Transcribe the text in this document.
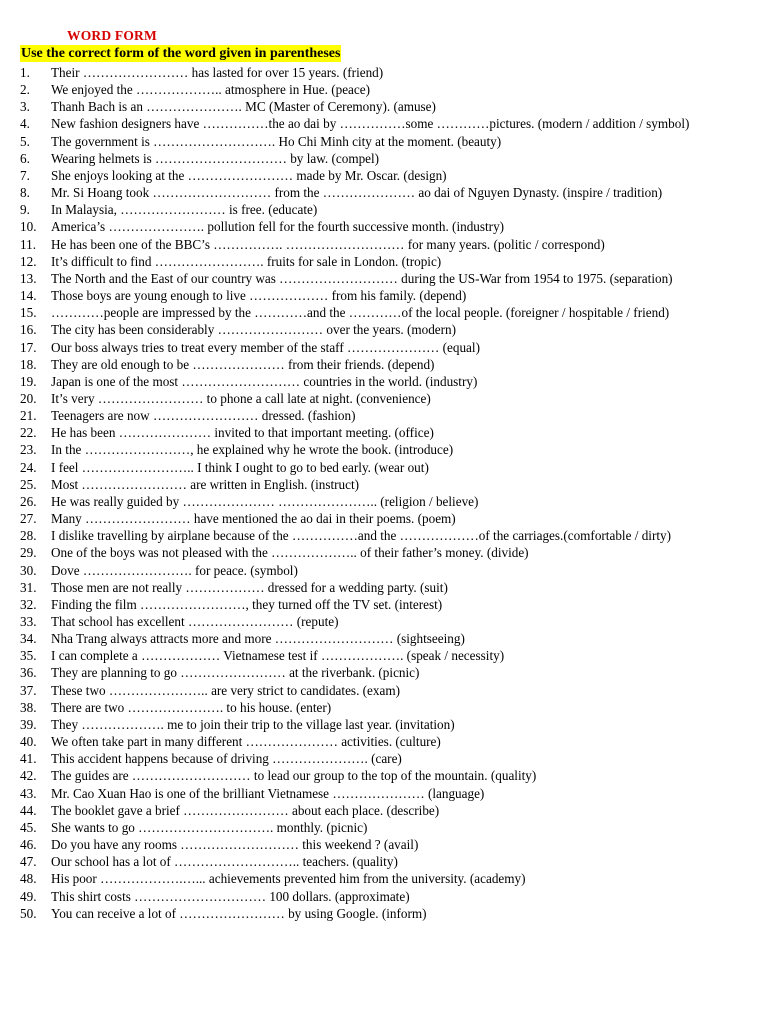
WORD FORM
Use the correct form of the word given in parentheses
1.	Their …………………… has lasted for over 15 years. (friend)
2.	We enjoyed the ……………….. atmosphere in Hue. (peace)
3.	Thanh Bach is an …………………. MC (Master of Ceremony). (amuse)
4.	New fashion designers have ……………the ao dai by ……………some …………pictures. (modern / addition / symbol)
5.	The government is ………………………. Ho Chi Minh city at the moment. (beauty)
6.	Wearing helmets is ………………………… by law. (compel)
7.	She enjoys looking at the …………………… made by Mr. Oscar. (design)
8.	Mr. Si Hoang took ……………………… from the ………………… ao dai of Nguyen Dynasty. (inspire / tradition)
9.	In Malaysia, …………………… is free. (educate)
10.	America’s …………………. pollution fell for the fourth successive month. (industry)
11.	He has been one of the BBC’s ……………. ……………………… for many years. (politic / correspond)
12.	It’s difficult to find ……………………. fruits for sale in London. (tropic)
13.	The North and the East of our country was ……………………… during the US-War from 1954 to 1975. (separation)
14.	Those boys are young enough to live ……………… from his family. (depend)
15.	…………people are impressed by the …………and the …………of the local people. (foreigner / hospitable / friend)
16.	The city has been considerably …………………… over the years. (modern)
17.	Our boss always tries to treat every member of the staff ………………… (equal)
18.	They are old enough to be ………………… from their friends. (depend)
19.	Japan is one of the most ……………………… countries in the world. (industry)
20.	It’s very …………………… to phone a call late at night. (convenience)
21.	Teenagers are now …………………… dressed. (fashion)
22.	He has been ………………… invited to that important meeting. (office)
23.	In the ……………………, he explained why he wrote the book. (introduce)
24.	I feel …………………….. I think I ought to go to bed early. (wear out)
25.	Most …………………… are written in English. (instruct)
26.	He was really guided by ………………… ………………….. (religion / believe)
27.	Many …………………… have mentioned the ao dai in their poems. (poem)
28.	I dislike travelling by airplane because of the ……………and the ………………of the carriages.(comfortable / dirty)
29.	One of the boys was not pleased with the ……………….. of their father’s money. (divide)
30.	Dove ……………………. for peace. (symbol)
31.	Those men are not really ……………… dressed for a wedding party. (suit)
32.	Finding the film ……………………, they turned off the TV set. (interest)
33.	That school has excellent …………………… (repute)
34.	Nha Trang always attracts more and more ……………………… (sightseeing)
35.	I can complete a ……………… Vietnamese test if ………………. (speak / necessity)
36.	They are planning to go …………………… at the riverbank. (picnic)
37.	These two ………………….. are very strict to candidates. (exam)
38.	There are two …………………. to his house. (enter)
39.	They ………………. me to join their trip to the village last year. (invitation)
40.	We often take part in many different ………………… activities. (culture)
41.	This accident happens because of driving …………………. (care)
42.	The guides are ……………………… to lead our group to the top of the mountain. (quality)
43.	Mr. Cao Xuan Hao is one of the brilliant Vietnamese ………………… (language)
44.	The booklet gave a brief …………………… about each place. (describe)
45.	She wants to go …………………………. monthly. (picnic)
46.	Do you have any rooms ……………………… this weekend ? (avail)
47.	Our school has a lot of ……………………….. teachers. (quality)
48.	His poor ……………….…... achievements prevented him from the university. (academy)
49.	This shirt costs ………………………… 100 dollars. (approximate)
50.	You can receive a lot of …………………… by using Google. (inform)
